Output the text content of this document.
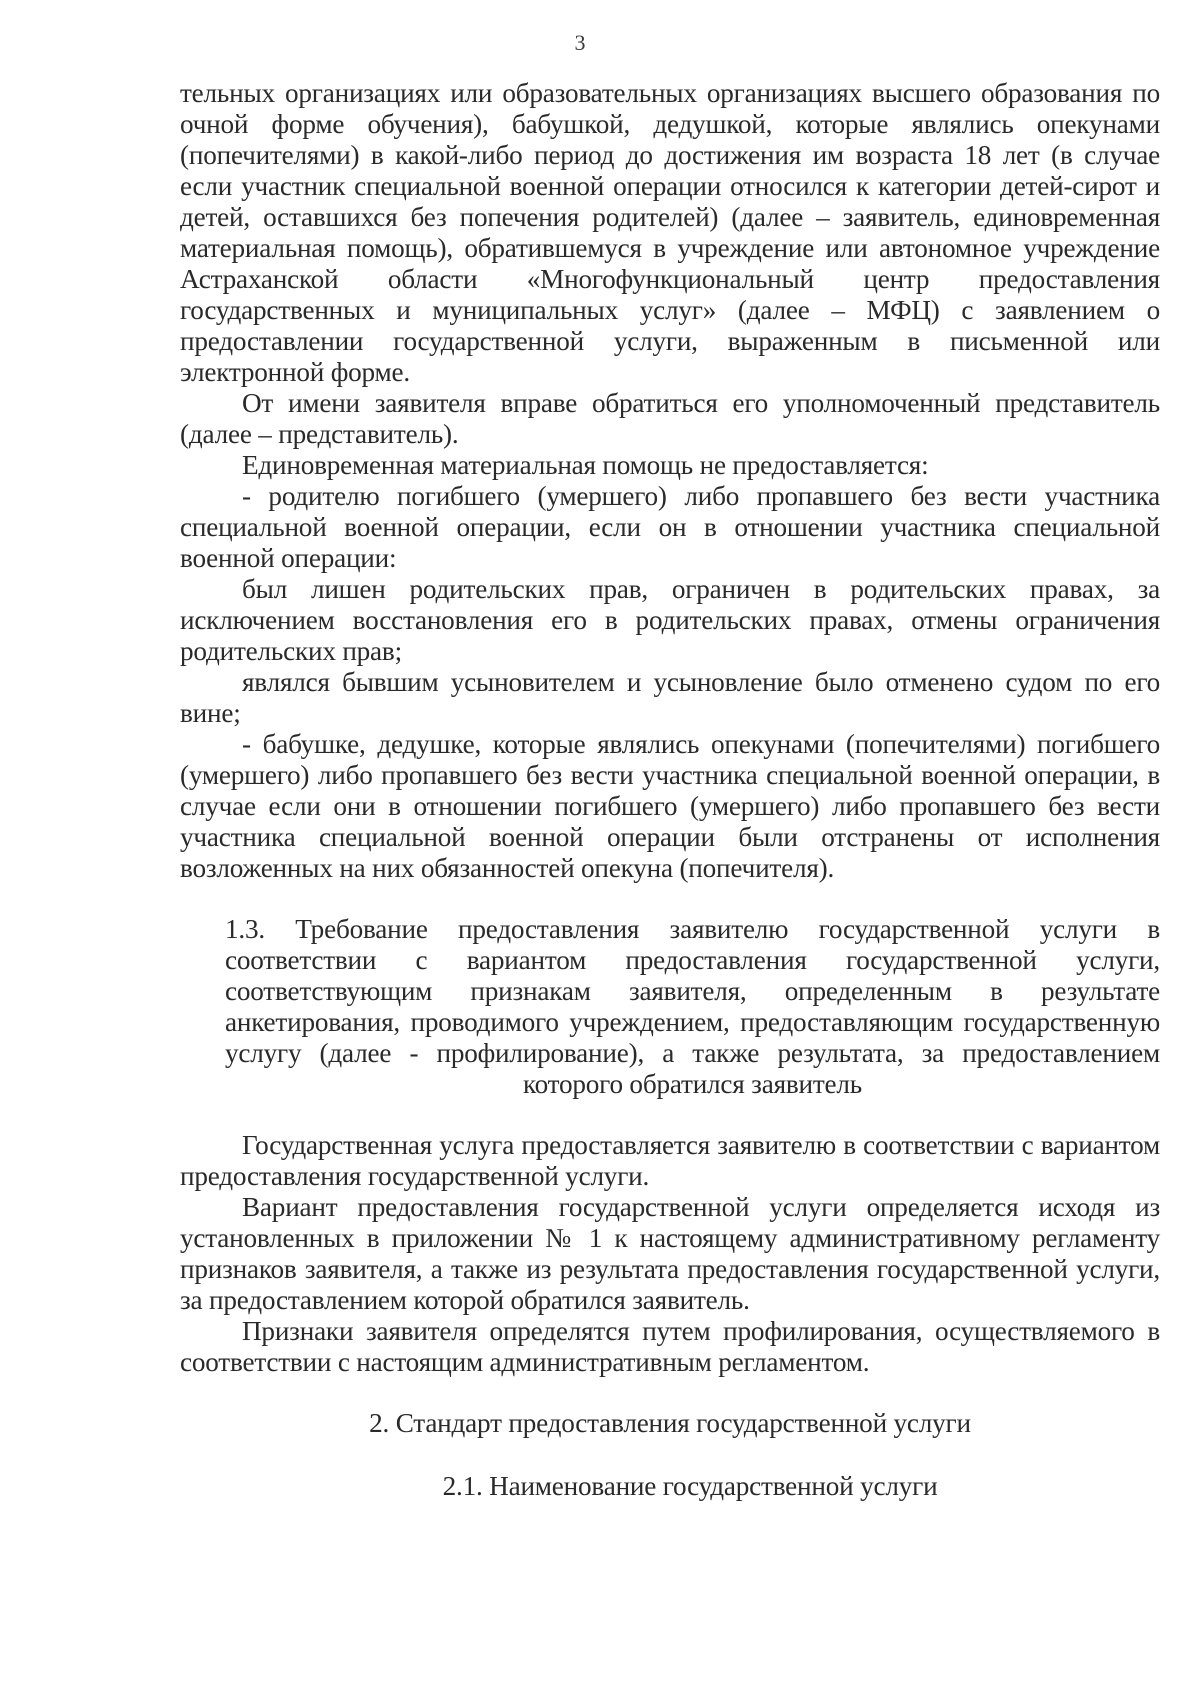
3

тельных организациях или образовательных организациях высшего образования по очной форме обучения), бабушкой, дедушкой, которые являлись опекунами (попечителями) в какой-либо период до достижения им возраста 18 лет (в случае если участник специальной военной операции относился к категории детей-сирот и детей, оставшихся без попечения родителей) (далее – заявитель, единовременная материальная помощь), обратившемуся в учреждение или автономное учреждение Астраханской области «Многофункциональный центр предоставления государственных и муниципальных услуг» (далее – МФЦ) с заявлением о предоставлении государственной услуги, выраженным в письменной или электронной форме.

От имени заявителя вправе обратиться его уполномоченный представитель (далее – представитель).

Единовременная материальная помощь не предоставляется:

- родителю погибшего (умершего) либо пропавшего без вести участника специальной военной операции, если он в отношении участника специальной военной операции:

был лишен родительских прав, ограничен в родительских правах, за исключением восстановления его в родительских правах, отмены ограничения родительских прав;

являлся бывшим усыновителем и усыновление было отменено судом по его вине;

- бабушке, дедушке, которые являлись опекунами (попечителями) погибшего (умершего) либо пропавшего без вести участника специальной военной операции, в случае если они в отношении погибшего (умершего) либо пропавшего без вести участника специальной военной операции были отстранены от исполнения возложенных на них обязанностей опекуна (попечителя).

1.3. Требование предоставления заявителю государственной услуги в соответствии с вариантом предоставления государственной услуги, соответствующим признакам заявителя, определенным в результате анкетирования, проводимого учреждением, предоставляющим государственную услугу (далее - профилирование), а также результата, за предоставлением которого обратился заявитель

Государственная услуга предоставляется заявителю в соответствии с вариантом предоставления государственной услуги.

Вариант предоставления государственной услуги определяется исходя из установленных в приложении № 1 к настоящему административному регламенту признаков заявителя, а также из результата предоставления государственной услуги, за предоставлением которой обратился заявитель.

Признаки заявителя определятся путем профилирования, осуществляемого в соответствии с настоящим административным регламентом.

2. Стандарт предоставления государственной услуги

2.1. Наименование государственной услуги
